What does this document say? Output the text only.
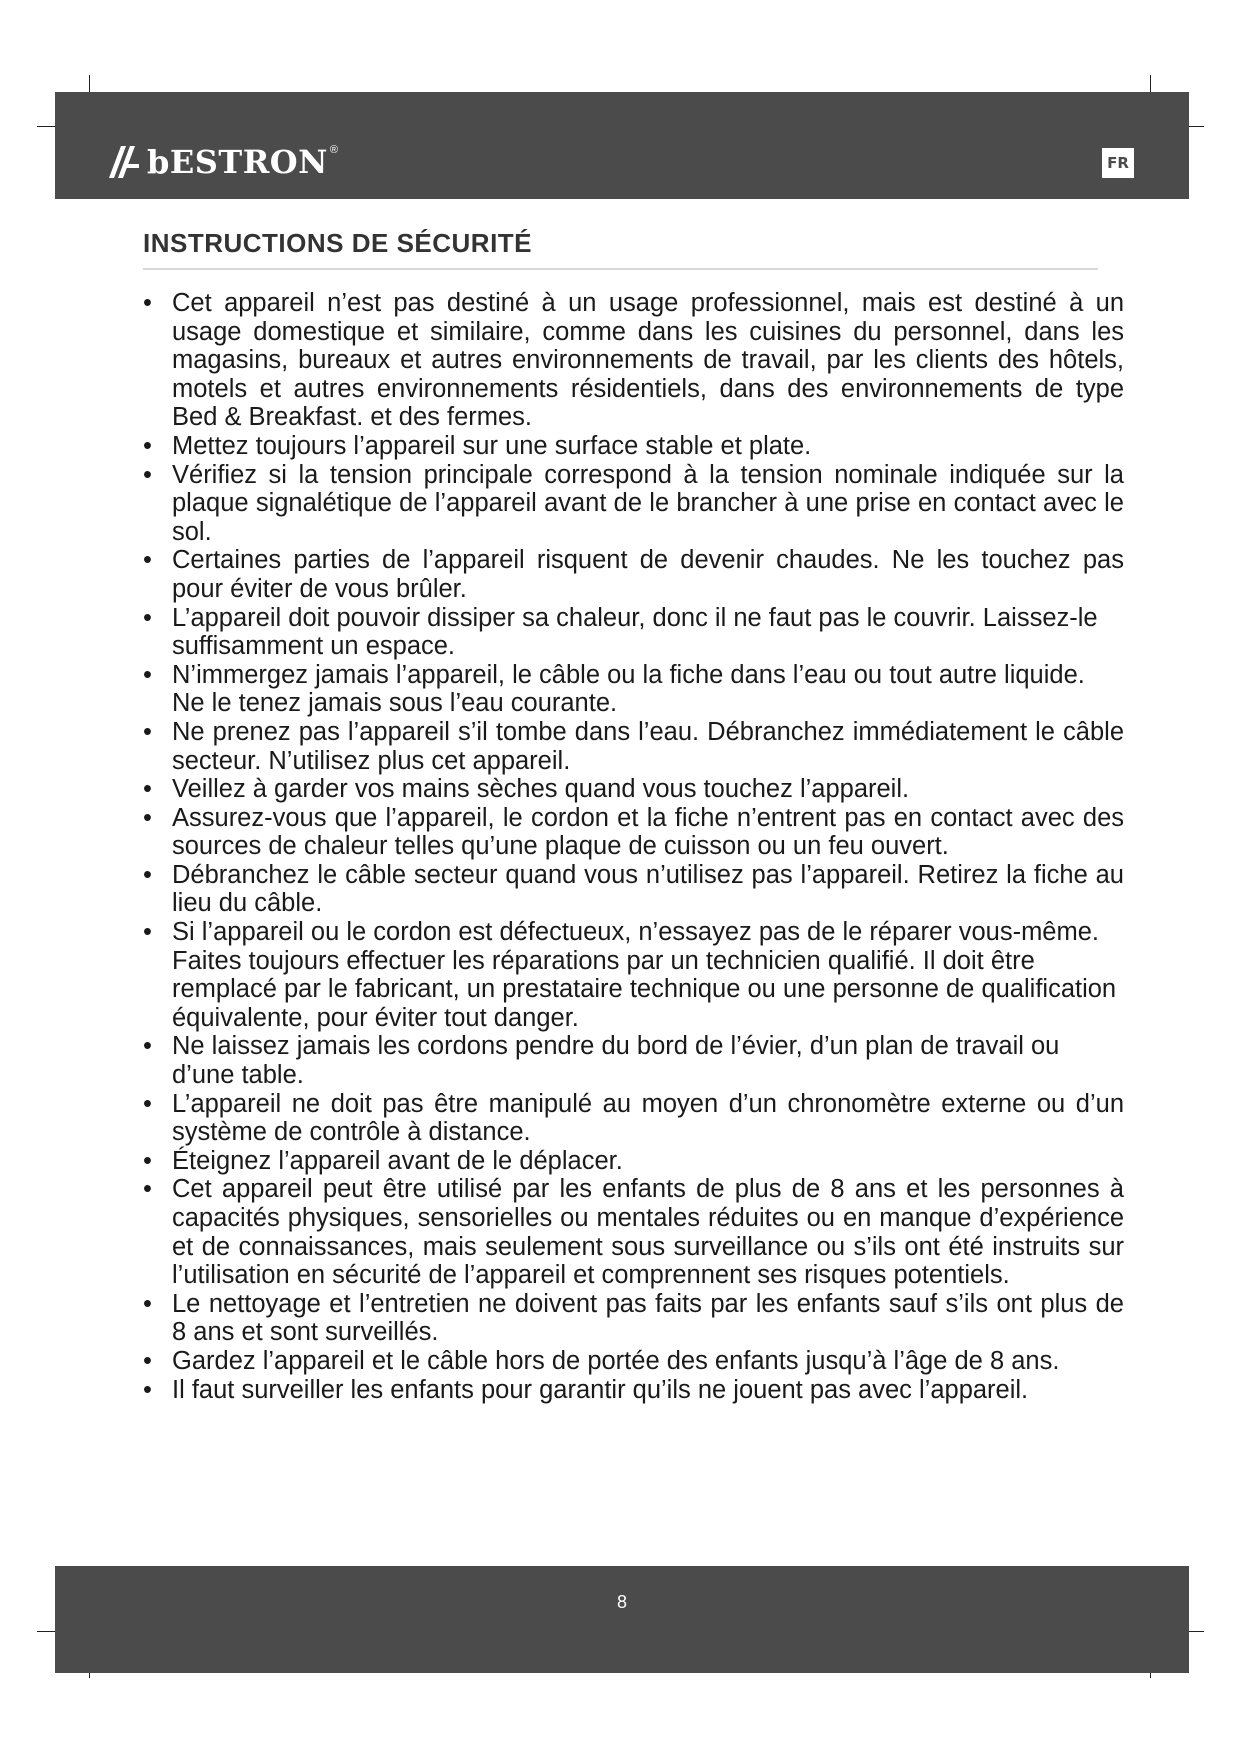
bESTRON ®
FR
INSTRUCTIONS DE SÉCURITÉ
• Cet appareil n’est pas destiné à un usage professionnel, mais est destiné à un usage domestique et similaire, comme dans les cuisines du personnel, dans les magasins, bureaux et autres environnements de travail, par les clients des hôtels, motels et autres environnements résidentiels, dans des environnements de type Bed & Breakfast. et des fermes.
• Mettez toujours l’appareil sur une surface stable et plate.
• Vérifiez si la tension principale correspond à la tension nominale indiquée sur la plaque signalétique de l’appareil avant de le brancher à une prise en contact avec le sol.
• Certaines parties de l’appareil risquent de devenir chaudes. Ne les touchez pas pour éviter de vous brûler.
• L’appareil doit pouvoir dissiper sa chaleur, donc il ne faut pas le couvrir. Laissez-le suffisamment un espace.
• N’immergez jamais l’appareil, le câble ou la fiche dans l’eau ou tout autre liquide. Ne le tenez jamais sous l’eau courante.
• Ne prenez pas l’appareil s’il tombe dans l’eau. Débranchez immédiatement le câble secteur. N’utilisez plus cet appareil.
• Veillez à garder vos mains sèches quand vous touchez l’appareil.
• Assurez-vous que l’appareil, le cordon et la fiche n’entrent pas en contact avec des sources de chaleur telles qu’une plaque de cuisson ou un feu ouvert.
• Débranchez le câble secteur quand vous n’utilisez pas l’appareil. Retirez la fiche au lieu du câble.
• Si l’appareil ou le cordon est défectueux, n’essayez pas de le réparer vous-même. Faites toujours effectuer les réparations par un technicien qualifié. Il doit être remplacé par le fabricant, un prestataire technique ou une personne de qualification équivalente, pour éviter tout danger.
• Ne laissez jamais les cordons pendre du bord de l’évier, d’un plan de travail ou d’une table.
• L’appareil ne doit pas être manipulé au moyen d’un chronomètre externe ou d’un système de contrôle à distance.
• Éteignez l’appareil avant de le déplacer.
• Cet appareil peut être utilisé par les enfants de plus de 8 ans et les personnes à capacités physiques, sensorielles ou mentales réduites ou en manque d’expérience et de connaissances, mais seulement sous surveillance ou s’ils ont été instruits sur l’utilisation en sécurité de l’appareil et comprennent ses risques potentiels.
• Le nettoyage et l’entretien ne doivent pas faits par les enfants sauf s’ils ont plus de 8 ans et sont surveillés.
• Gardez l’appareil et le câble hors de portée des enfants jusqu’à l’âge de 8 ans.
• Il faut surveiller les enfants pour garantir qu’ils ne jouent pas avec l’appareil.
8
